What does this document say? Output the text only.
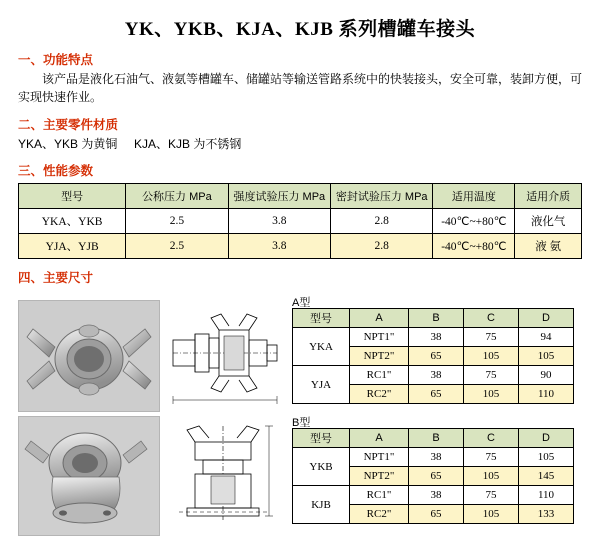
YK、YKB、KJA、KJB 系列槽罐车接头
一、功能特点
该产品是液化石油气、液氨等槽罐车、储罐站等输送管路系统中的快装接头，安全可靠，装卸方便，可实现快速作业。
二、主要零件材质
YKA、YKB 为黄铜     KJA、KJB 为不锈钢
三、性能参数
型号	公称压力 MPa	强度试验压力 MPa	密封试验压力 MPa	适用温度	适用介质
YKA、YKB	2.5	3.8	2.8	-40℃~+80℃	液化气
YJA、YJB	2.5	3.8	2.8	-40℃~+80℃	液 氨
四、主要尺寸
A型
型号	A	B	C	D
YKA	NPT1"	38	75	94
	NPT2"	65	105	105
YJA	RC1"	38	75	90
	RC2"	65	105	110
B型
型号	A	B	C	D
YKB	NPT1"	38	75	105
	NPT2"	65	105	145
KJB	RC1"	38	75	110
	RC2"	65	105	133
